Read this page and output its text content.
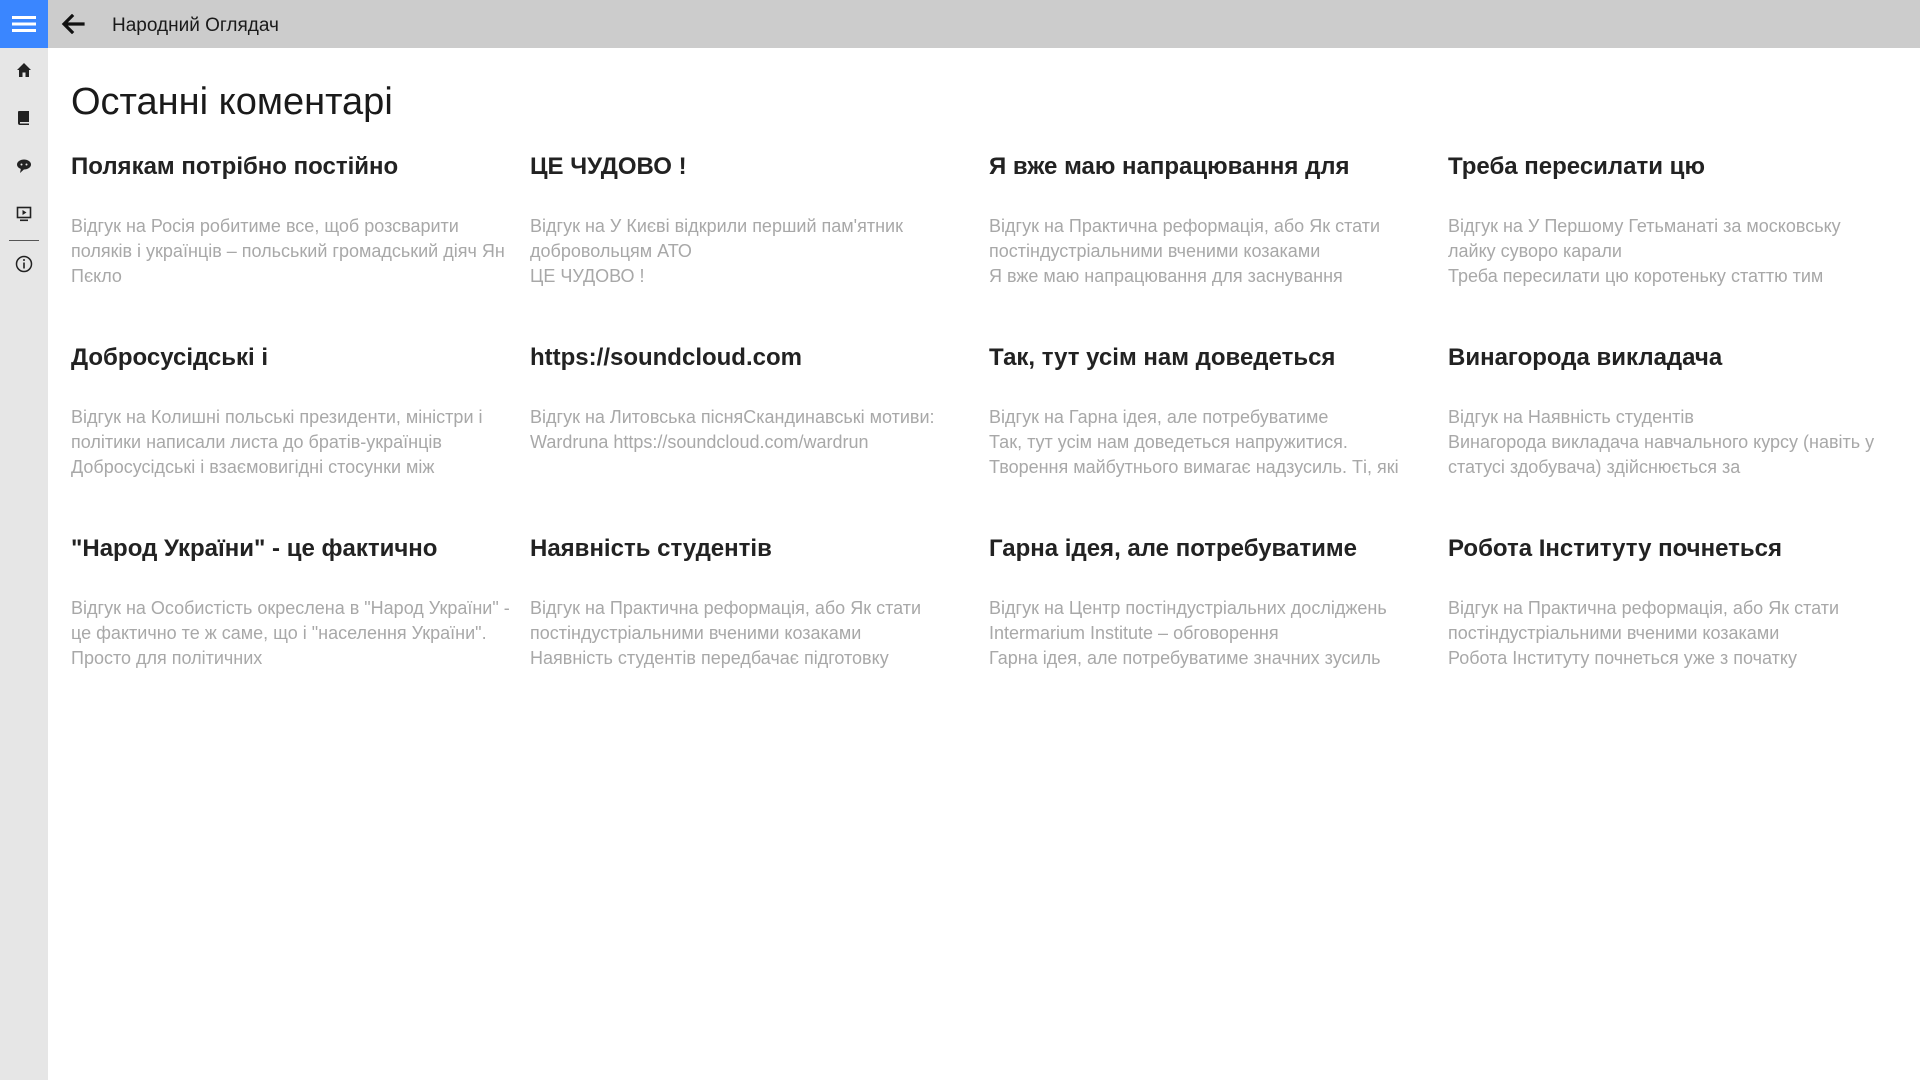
Народний Оглядач
Останні коментарі
Полякам потрібно постійно
Відгук на Росія робитиме все, щоб розсварити поляків і українців – польський громадський діяч Ян Пєкло
ЦЕ ЧУДОВО !
Відгук на У Києві відкрили перший пам'ятник добровольцям АТО
ЦЕ ЧУДОВО !
Я вже маю напрацювання для
Відгук на Практична реформація, або Як стати постіндустріальними вченими козаками
Я вже маю напрацювання для заснування
Треба пересилати цю
Відгук на У Першому Гетьманаті за московську лайку суворо карали
Треба пересилати цю коротеньку статтю тим
Добросусідські і
Відгук на Колишні польські президенти, міністри і політики написали листа до братів-українців
Добросусідські і взаємовигідні стосунки між
https://soundcloud.com
Відгук на Литовська пісняСкандинавські мотиви: Wardruna https://soundcloud.com/wardrun
Так, тут усім нам доведеться
Відгук на Гарна ідея, але потребуватиме
Так, тут усім нам доведеться напружитися. Творення майбутнього вимагає надзусиль. Ті, які
Винагорода викладача
Відгук на Наявність студентів
Винагорода викладача навчального курсу (навіть у статусі здобувача) здійснюється за
"Народ України" - це фактично
Відгук на Особистість окреслена в "Народ України" - це фактично те ж саме, що і "населення України". Просто для політичних
Наявність студентів
Відгук на Практична реформація, або Як стати постіндустріальними вченими козаками
Наявність студентів передбачає підготовку
Гарна ідея, але потребуватиме
Відгук на Центр постіндустріальних досліджень Intermarium Institute – обговорення
Гарна ідея, але потребуватиме значних зусиль
Робота Інституту почнеться
Відгук на Практична реформація, або Як стати постіндустріальними вченими козаками
Робота Інституту почнеться уже з початку
